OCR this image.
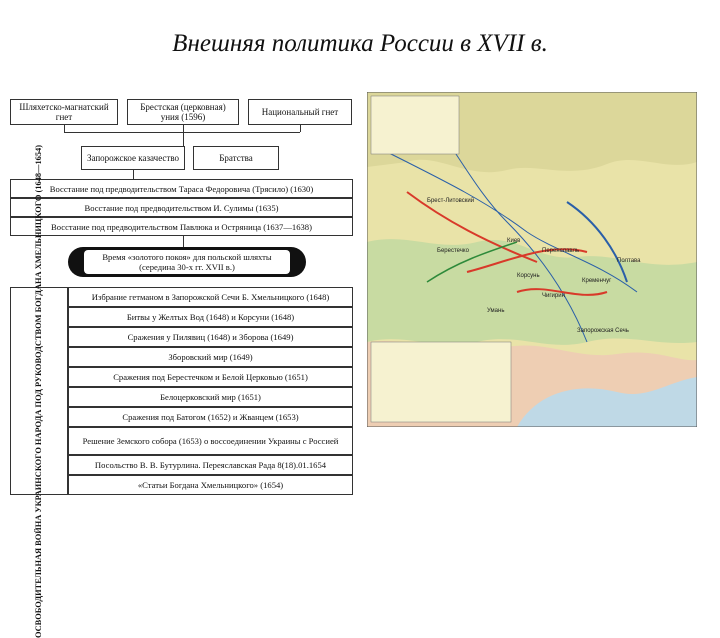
Внешняя политика России в XVII в.
Шляхетско-магнатский гнет
Брестская (церковная) уния (1596)	Национальный гнет
Запорожское казачество	Братства
Восстание под предводительством Тараса Федоровича (Трясило) (1630)
Восстание под предводительством И. Сулимы (1635)
Восстание под предводительством Павлюка и Остряница (1637—1638)
Время «золотого покоя» для польской шляхты (середина 30-х гг. XVII в.)
ОСВОБОДИТЕЛЬНАЯ ВОЙНА УКРАИНСКОГО НАРОДА ПОД РУКОВОДСТВОМ БОГДАНА ХМЕЛЬНИЦКОГО (1648—1654)	Избрание гетманом в Запорожской Сечи Б. Хмельницкого (1648)
Битвы у Желтых Вод (1648) и Корсуни (1648)
Сражения у Пилявиц (1648) и Зборова (1649)
Зборовский мир (1649)
Сражения под Берестечком и Белой Церковью (1651)
Белоцерковский мир (1651)
Сражения под Батогом (1652) и Жванцем (1653)
Решение Земского собора (1653) о воссоединении Украины с Россией
Посольство В. В. Бутурлина. Переяславская Рада 8(18).01.1654
«Статьи Богдана Хмельницкого» (1654)
Брест-Литовский
Киев
Чигирин
Запорожская Сечь
Берестечко
Корсунь
Полтава
Переяславль
Умань
Кременчуг
